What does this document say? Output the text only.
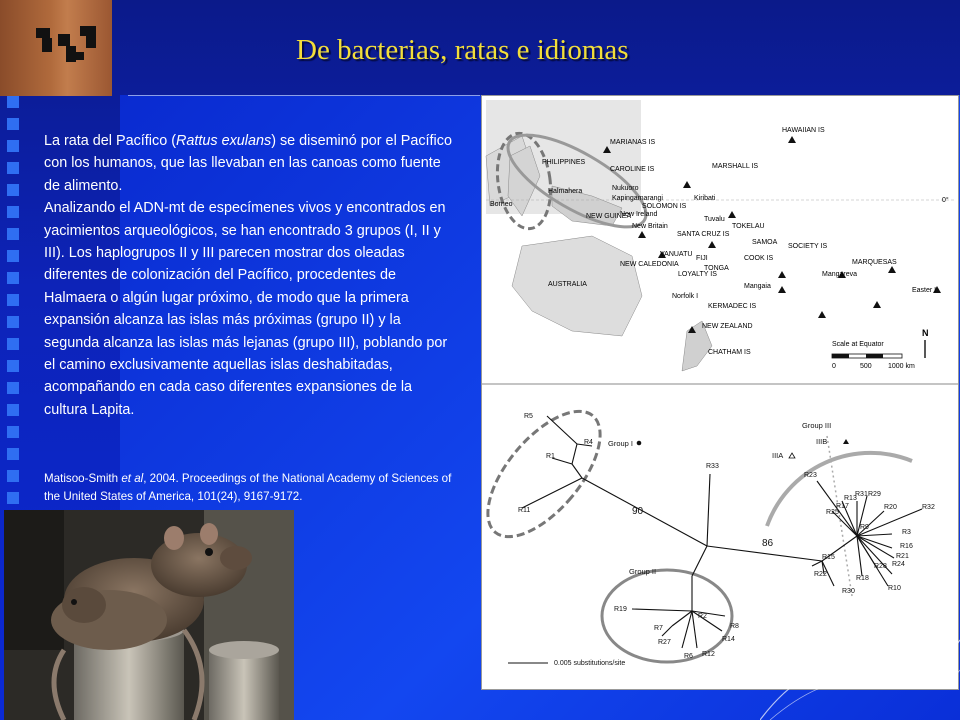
De bacterias, ratas e idiomas

La rata del Pacífico (Rattus exulans) se diseminó por el Pacífico con los humanos, que las llevaban en las canoas como fuente de alimento.

Analizando el ADN-mt de especímenes vivos y encontrados en yacimientos arqueológicos, se han encontrado 3 grupos (I, II y III). Los haplogrupos II y III parecen mostrar dos oleadas diferentes de colonización del Pacífico, procedentes de Halmaera o algún lugar próximo, de modo que la primera expansión alcanza las islas más próximas (grupo II) y la segunda alcanza las islas más lejanas (grupo III), poblando por el camino exclusivamente aquellas islas deshabitadas, acompañando en cada caso diferentes expansiones de la cultura Lapita.

Matisoo-Smith et al, 2004. Proceedings of the National Academy of Sciences of the United States of America, 101(24), 9167-9172.
MARIANAS IS
HAWAIIAN IS
PHILIPPINES
CAROLINE IS	MARSHALL IS
Halmahera	Nukuoro
Kapingamarangi	Kiribati
Borneo
New Ireland
NEW GUINEA
New Britain
SOLOMON IS
Tuvalu
TOKELAU
SANTA CRUZ IS
SAMOA
MARQUESAS
SOCIETY IS
VANUATU
FIJI	COOK IS
TONGA
NEW CALEDONIA
LOYALTY IS
AUSTRALIA	Mangaia
Mangareva
Easter I
Norfolk I
KERMADEC IS
NEW ZEALAND
CHATHAM IS
0°
Scale at Equator
0	500 1000 km
N
R5
R4
R1
R11
R33
R23
R13
R31 R29
R17
R25
R20	R32
R9
R3
R16
R15	R21
R28 R24
R22
R18
R30	R10
R19
R2
R8
R7
R27	R14
R6 R12
Group I
Group II
Group III
IIIB
IIIA
90
86
0.005 substitutions/site
